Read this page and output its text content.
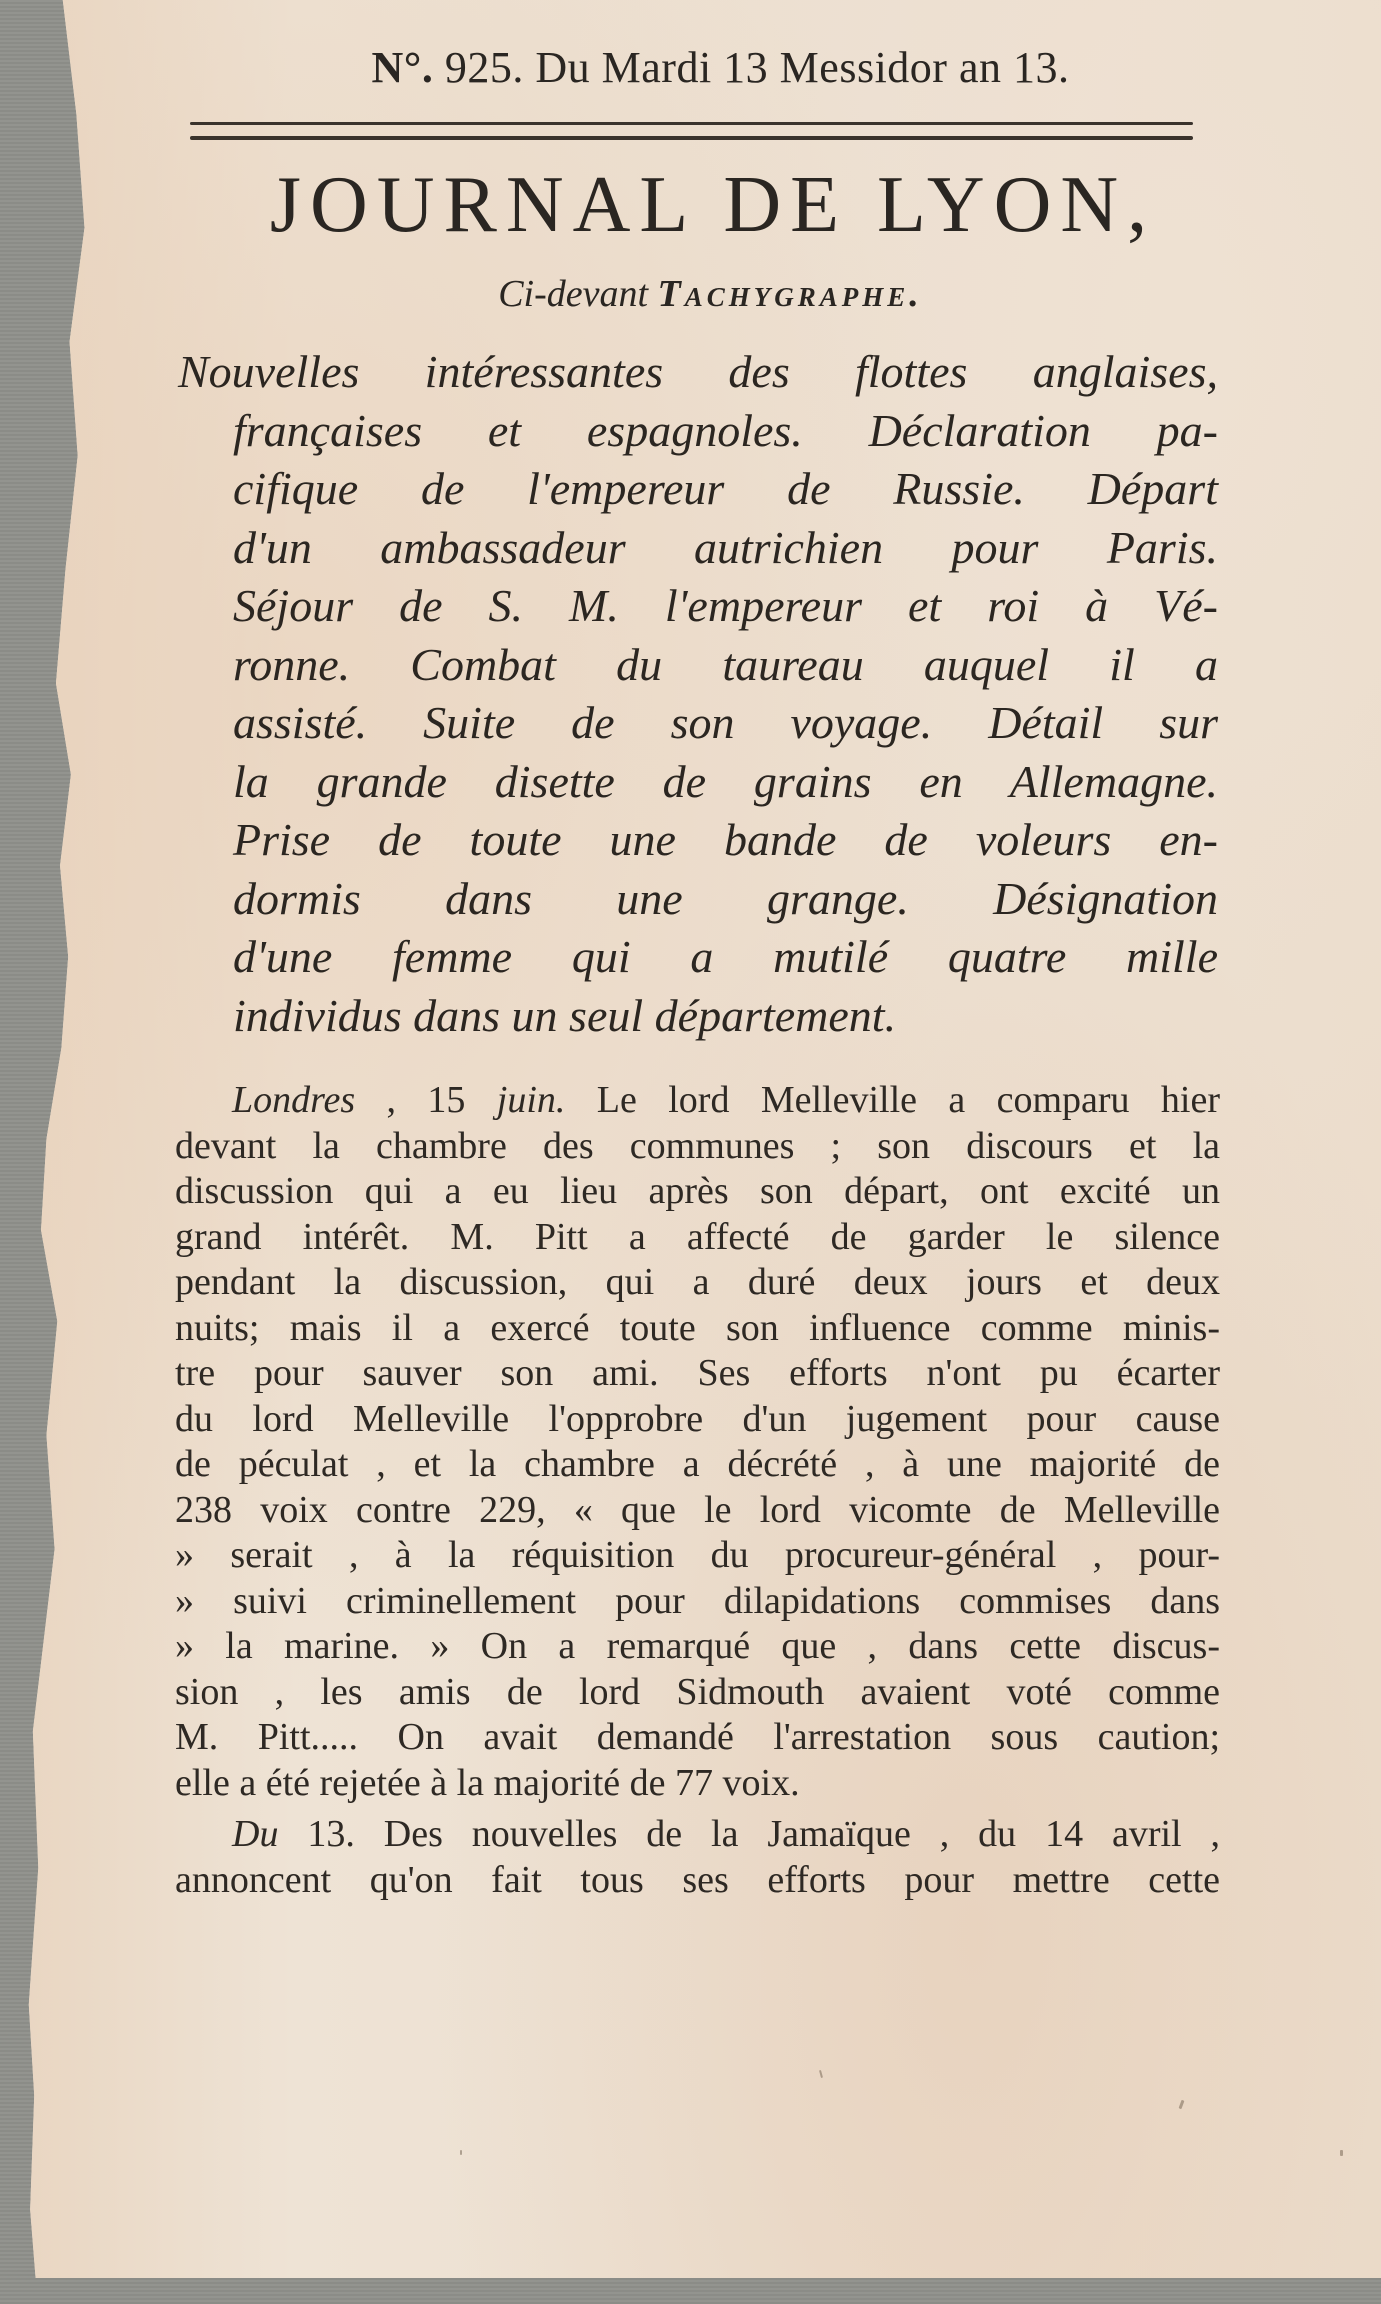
N°. 925. Du Mardi 13 Messidor an 13.
JOURNAL DE LYON,
Ci-devant Tachygraphe.
Nouvelles intéressantes des flottes anglaises,
françaises et espagnoles. Déclaration pa-
cifique de l'empereur de Russie. Départ
d'un ambassadeur autrichien pour Paris.
Séjour de S. M. l'empereur et roi à Vé-
ronne. Combat du taureau auquel il a
assisté. Suite de son voyage. Détail sur
la grande disette de grains en Allemagne.
Prise de toute une bande de voleurs en-
dormis dans une grange. Désignation
d'une femme qui a mutilé quatre mille
individus dans un seul département.
Londres , 15 juin. Le lord Melleville a comparu hier
devant la chambre des communes ; son discours et la
discussion qui a eu lieu après son départ, ont excité un
grand intérêt. M. Pitt a affecté de garder le silence
pendant la discussion, qui a duré deux jours et deux
nuits; mais il a exercé toute son influence comme minis-
tre pour sauver son ami. Ses efforts n'ont pu écarter
du lord Melleville l'opprobre d'un jugement pour cause
de péculat , et la chambre a décrété , à une majorité de
238 voix contre 229, « que le lord vicomte de Melleville
» serait , à la réquisition du procureur-général , pour-
» suivi criminellement pour dilapidations commises dans
» la marine. » On a remarqué que , dans cette discus-
sion , les amis de lord Sidmouth avaient voté comme
M. Pitt..... On avait demandé l'arrestation sous caution;
elle a été rejetée à la majorité de 77 voix.
Du 13. Des nouvelles de la Jamaïque , du 14 avril ,
annoncent qu'on fait tous ses efforts pour mettre cette
